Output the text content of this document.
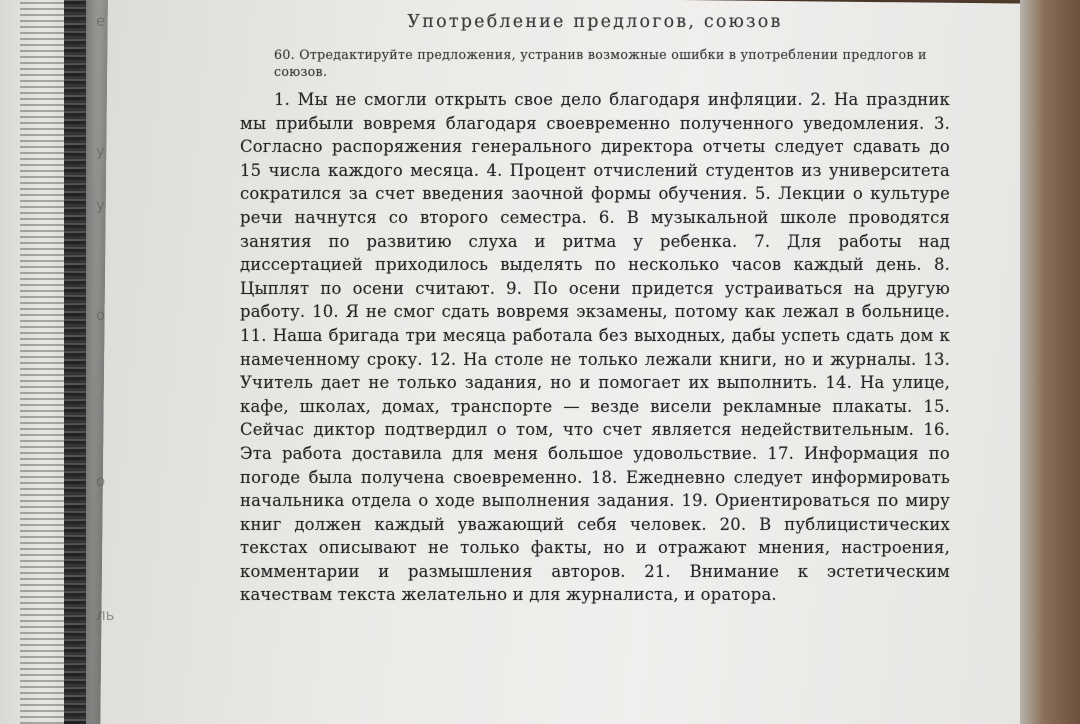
е
у
у
о
о
ль
Употребление предлогов, союзов

60. Отредактируйте предложения, устранив возможные ошибки в употреблении предлогов и союзов.

1. Мы не смогли открыть свое дело благодаря инфляции. 2. На праздник мы прибыли вовремя благодаря своевременно полученного уведомления. 3. Согласно распоряжения генерального директора отчеты следует сдавать до 15 числа каждого месяца. 4. Процент отчислений студентов из университета сократился за счет введения заочной формы обучения. 5. Лекции о культуре речи начнутся со второго семестра. 6. В музыкальной школе проводятся занятия по развитию слуха и ритма у ребенка. 7. Для работы над диссертацией приходилось выделять по несколько часов каждый день. 8. Цыплят по осени считают. 9. По осени придется устраиваться на другую работу. 10. Я не смог сдать вовремя экзамены, потому как лежал в больнице. 11. Наша бригада три месяца работала без выходных, дабы успеть сдать дом к намеченному сроку. 12. На столе не только лежали книги, но и журналы. 13. Учитель дает не только задания, но и помогает их выполнить. 14. На улице, кафе, школах, домах, транспорте — везде висели рекламные плакаты. 15. Сейчас диктор подтвердил о том, что счет является недействительным. 16. Эта работа доставила для меня большое удовольствие. 17. Информация по погоде была получена своевременно. 18. Ежедневно следует информировать начальника отдела о ходе выполнения задания. 19. Ориентироваться по миру книг должен каждый уважающий себя человек. 20. В публицистических текстах описывают не только факты, но и отражают мнения, настроения, комментарии и размышления авторов. 21. Внимание к эстетическим качествам текста желательно и для журналиста, и оратора.
